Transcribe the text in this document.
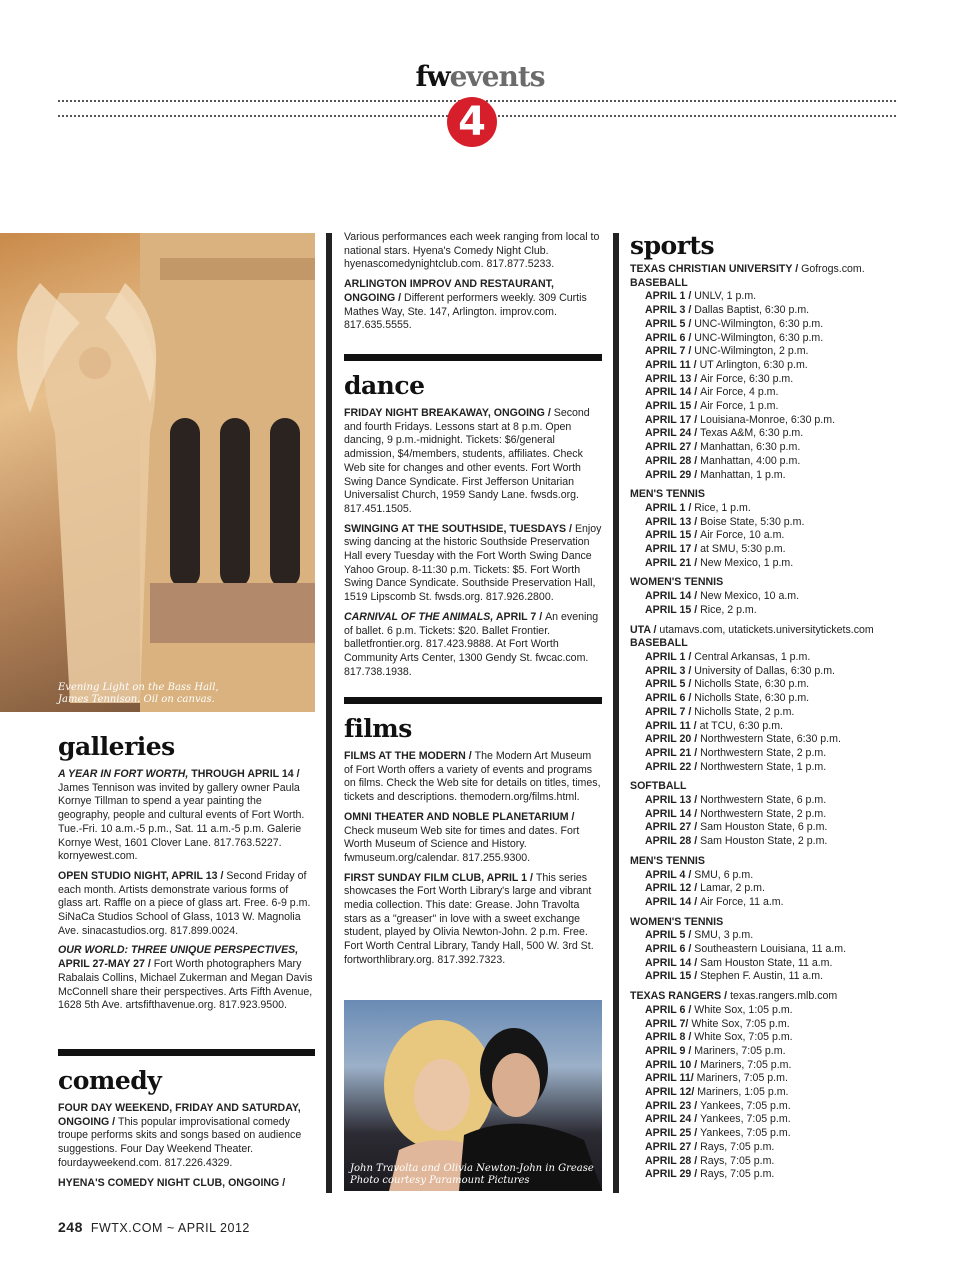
fwevents
4
Evening Light on the Bass Hall,
James Tennison. Oil on canvas.
galleries

A YEAR IN FORT WORTH, THROUGH APRIL 14 / James Tennison was invited by gallery owner Paula Kornye Tillman to spend a year painting the geography, people and cultural events of Fort Worth. Tue.-Fri. 10 a.m.-5 p.m., Sat. 11 a.m.-5 p.m. Galerie Kornye West, 1601 Clover Lane. 817.763.5227. kornyewest.com.

OPEN STUDIO NIGHT, APRIL 13 / Second Friday of each month. Artists demonstrate various forms of glass art. Raffle on a piece of glass art. Free. 6-9 p.m. SiNaCa Studios School of Glass, 1013 W. Magnolia Ave. sinacastudios.org. 817.899.0024.

OUR WORLD: THREE UNIQUE PERSPECTIVES, APRIL 27-MAY 27 / Fort Worth photographers Mary Rabalais Collins, Michael Zukerman and Megan Davis McConnell share their perspectives. Arts Fifth Avenue, 1628 5th Ave. artsfifthavenue.org. 817.923.9500.

comedy

FOUR DAY WEEKEND, FRIDAY AND SATURDAY, ONGOING / This popular improvisational comedy troupe performs skits and songs based on audience suggestions. Four Day Weekend Theater. fourdayweekend.com. 817.226.4329.

HYENA'S COMEDY NIGHT CLUB, ONGOING /

Various performances each week ranging from local to national stars. Hyena's Comedy Night Club. hyenascomedynightclub.com. 817.877.5233.

ARLINGTON IMPROV AND RESTAURANT, ONGOING / Different performers weekly. 309 Curtis Mathes Way, Ste. 147, Arlington. improv.com. 817.635.5555.

dance

FRIDAY NIGHT BREAKAWAY, ONGOING / Second and fourth Fridays. Lessons start at 8 p.m. Open dancing, 9 p.m.-midnight. Tickets: $6/general admission, $4/members, students, affiliates. Check Web site for changes and other events. Fort Worth Swing Dance Syndicate. First Jefferson Unitarian Universalist Church, 1959 Sandy Lane. fwsds.org. 817.451.1505.

SWINGING AT THE SOUTHSIDE, TUESDAYS / Enjoy swing dancing at the historic Southside Preservation Hall every Tuesday with the Fort Worth Swing Dance Yahoo Group. 8-11:30 p.m. Tickets: $5. Fort Worth Swing Dance Syndicate. Southside Preservation Hall, 1519 Lipscomb St. fwsds.org. 817.926.2800.

CARNIVAL OF THE ANIMALS, APRIL 7 / An evening of ballet. 6 p.m. Tickets: $20. Ballet Frontier. balletfrontier.org. 817.423.9888. At Fort Worth Community Arts Center, 1300 Gendy St. fwcac.com. 817.738.1938.

films

FILMS AT THE MODERN / The Modern Art Museum of Fort Worth offers a variety of events and programs on films. Check the Web site for details on titles, times, tickets and descriptions. themodern.org/films.html.

OMNI THEATER AND NOBLE PLANETARIUM / Check museum Web site for times and dates. Fort Worth Museum of Science and History. fwmuseum.org/calendar. 817.255.9300.

FIRST SUNDAY FILM CLUB, APRIL 1 / This series showcases the Fort Worth Library's large and vibrant media collection. This date: Grease. John Travolta stars as a "greaser" in love with a sweet exchange student, played by Olivia Newton-John. 2 p.m. Free. Fort Worth Central Library, Tandy Hall, 500 W. 3rd St. fortworthlibrary.org. 817.392.7323.

John Travolta and Olivia Newton-John in Grease
Photo courtesy Paramount Pictures
sports
TEXAS CHRISTIAN UNIVERSITY / Gofrogs.com.
BASEBALL
APRIL 1 / UNLV, 1 p.m.
APRIL 3 / Dallas Baptist, 6:30 p.m.
APRIL 5 / UNC-Wilmington, 6:30 p.m.
APRIL 6 / UNC-Wilmington, 6:30 p.m.
APRIL 7 / UNC-Wilmington, 2 p.m.
APRIL 11 / UT Arlington, 6:30 p.m.
APRIL 13 / Air Force, 6:30 p.m.
APRIL 14 / Air Force, 4 p.m.
APRIL 15 / Air Force, 1 p.m.
APRIL 17 / Louisiana-Monroe, 6:30 p.m.
APRIL 24 / Texas A&M, 6:30 p.m.
APRIL 27 / Manhattan, 6:30 p.m.
APRIL 28 / Manhattan, 4:00 p.m.
APRIL 29 / Manhattan, 1 p.m.
MEN'S TENNIS
APRIL 1 / Rice, 1 p.m.
APRIL 13 / Boise State, 5:30 p.m.
APRIL 15 / Air Force, 10 a.m.
APRIL 17 / at SMU, 5:30 p.m.
APRIL 21 / New Mexico, 1 p.m.
WOMEN'S TENNIS
APRIL 14 / New Mexico, 10 a.m.
APRIL 15 / Rice, 2 p.m.
UTA / utamavs.com, utatickets.universitytickets.com
BASEBALL
APRIL 1 / Central Arkansas, 1 p.m.
APRIL 3 / University of Dallas, 6:30 p.m.
APRIL 5 / Nicholls State, 6:30 p.m.
APRIL 6 / Nicholls State, 6:30 p.m.
APRIL 7 / Nicholls State, 2 p.m.
APRIL 11 / at TCU, 6:30 p.m.
APRIL 20 / Northwestern State, 6:30 p.m.
APRIL 21 / Northwestern State, 2 p.m.
APRIL 22 / Northwestern State, 1 p.m.
SOFTBALL
APRIL 13 / Northwestern State, 6 p.m.
APRIL 14 / Northwestern State, 2 p.m.
APRIL 27 / Sam Houston State, 6 p.m.
APRIL 28 / Sam Houston State, 2 p.m.
MEN'S TENNIS
APRIL 4 / SMU, 6 p.m.
APRIL 12 / Lamar, 2 p.m.
APRIL 14 / Air Force, 11 a.m.
WOMEN'S TENNIS
APRIL 5 / SMU, 3 p.m.
APRIL 6 / Southeastern Louisiana, 11 a.m.
APRIL 14 / Sam Houston State, 11 a.m.
APRIL 15 / Stephen F. Austin, 11 a.m.
TEXAS RANGERS / texas.rangers.mlb.com
APRIL 6 / White Sox, 1:05 p.m.
APRIL 7/ White Sox, 7:05 p.m.
APRIL 8 / White Sox, 7:05 p.m.
APRIL 9 / Mariners, 7:05 p.m.
APRIL 10 / Mariners, 7:05 p.m.
APRIL 11/ Mariners, 7:05 p.m.
APRIL 12/ Mariners, 1:05 p.m.
APRIL 23 / Yankees, 7:05 p.m.
APRIL 24 / Yankees, 7:05 p.m.
APRIL 25 / Yankees, 7:05 p.m.
APRIL 27 / Rays, 7:05 p.m.
APRIL 28 / Rays, 7:05 p.m.
APRIL 29 / Rays, 7:05 p.m.
248 FWTX.COM ~ APRIL 2012
